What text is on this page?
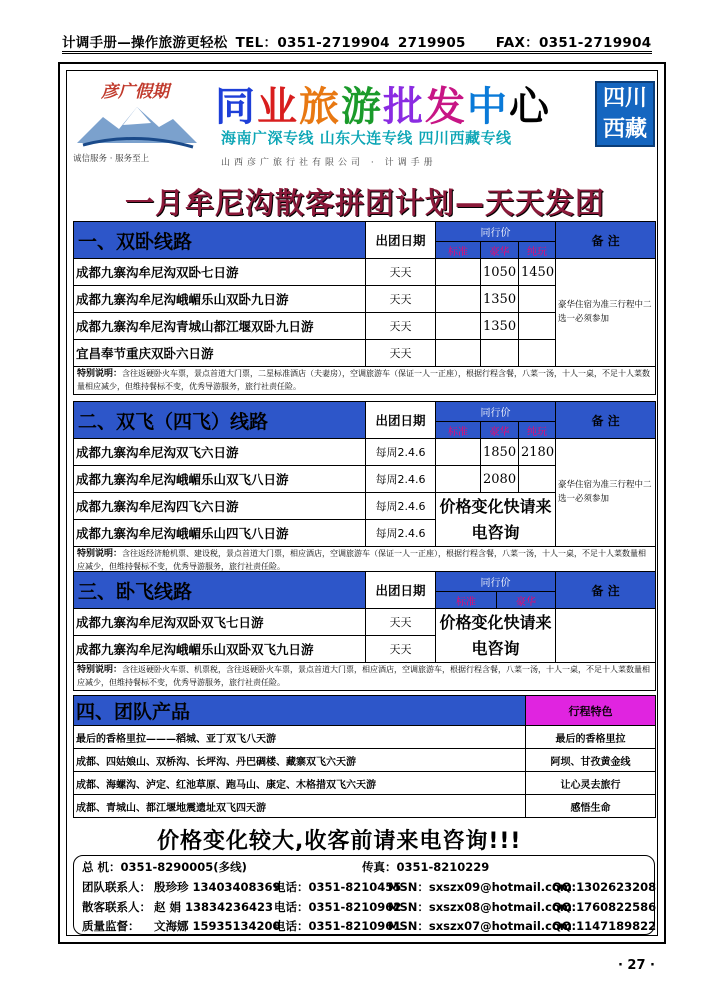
计调手册—操作旅游更轻松 TEL：0351-2719904 2719905 FAX：0351-2719904
彦广假期
诚信服务 · 服务至上
同业旅游批发中心
海南广深专线 山东大连专线 四川西藏专线
山西彦广旅行社有限公司 · 计调手册
四川
西藏
一月牟尼沟散客拼团计划—天天发团
一、双卧线路	出团日期	同行价			备 注
		标准	豪华	纯玩	
成都九寨沟牟尼沟双卧七日游	天天		1050	1450	豪华住宿为准三行程中二选一必须参加
成都九寨沟牟尼沟峨嵋乐山双卧九日游	天天		1350		
成都九寨沟牟尼沟青城山都江堰双卧九日游	天天		1350		
宜昌奉节重庆双卧六日游	天天				
特别说明：含往返硬卧火车票，景点首道大门票，二星标准酒店（夫妻房），空调旅游车（保证一人一正座），根据行程含餐，八菜一汤，十人一桌，不足十人菜数量相应减少，但维持餐标不变，优秀导游服务，旅行社责任险。					
二、双飞（四飞）线路	出团日期	同行价			备 注
		标准	豪华	纯玩	
成都九寨沟牟尼沟双飞六日游	每周2.4.6		1850	2180	豪华住宿为准三行程中二选一必须参加
成都九寨沟牟尼沟峨嵋乐山双飞八日游	每周2.4.6		2080		
成都九寨沟牟尼沟四飞六日游	每周2.4.6	价格变化快请来电咨询			
成都九寨沟牟尼沟峨嵋乐山四飞八日游	每周2.4.6				
特别说明：含往返经济舱机票、建设税，景点首道大门票，相应酒店，空调旅游车（保证一人一正座），根据行程含餐，八菜一汤，十人一桌，不足十人菜数量相应减少，但维持餐标不变，优秀导游服务，旅行社责任险。					
三、卧飞线路	出团日期	同行价		备 注
		标准	豪华	
成都九寨沟牟尼沟双卧双飞七日游	天天	价格变化快请来电咨询		
成都九寨沟牟尼沟峨嵋乐山双卧双飞九日游	天天			
特别说明：含往返硬卧火车票、机票税，含往返硬卧火车票，景点首道大门票，相应酒店，空调旅游车，根据行程含餐，八菜一汤，十人一桌，不足十人菜数量相应减少，但维持餐标不变，优秀导游服务，旅行社责任险。				
四、团队产品	行程特色
最后的香格里拉———稻城、亚丁双飞八天游	最后的香格里拉
成都、四姑娘山、双桥沟、长坪沟、丹巴碉楼、藏寨双飞六天游	阿坝、甘孜黄金线
成都、海螺沟、泸定、红池草原、跑马山、康定、木格措双飞六天游	让心灵去旅行
成都、青城山、都江堰地震遗址双飞四天游	感悟生命
价格变化较大,收客前请来电咨询!!!
总 机：0351-8290005(多线)	传真：0351-8210229
团队联系人： 殷珍珍 13403408369电话：0351-8210455MSN：sxszx09@hotmail.comQQ:1302623208
散客联系人： 赵 娟 13834236423电话：0351-8210962MSN：sxszx08@hotmail.comQQ:1760822586
质量监督： 文海娜 15935134200电话：0351-8210961MSN：sxszx07@hotmail.comQQ:1147189822
· 27 ·
